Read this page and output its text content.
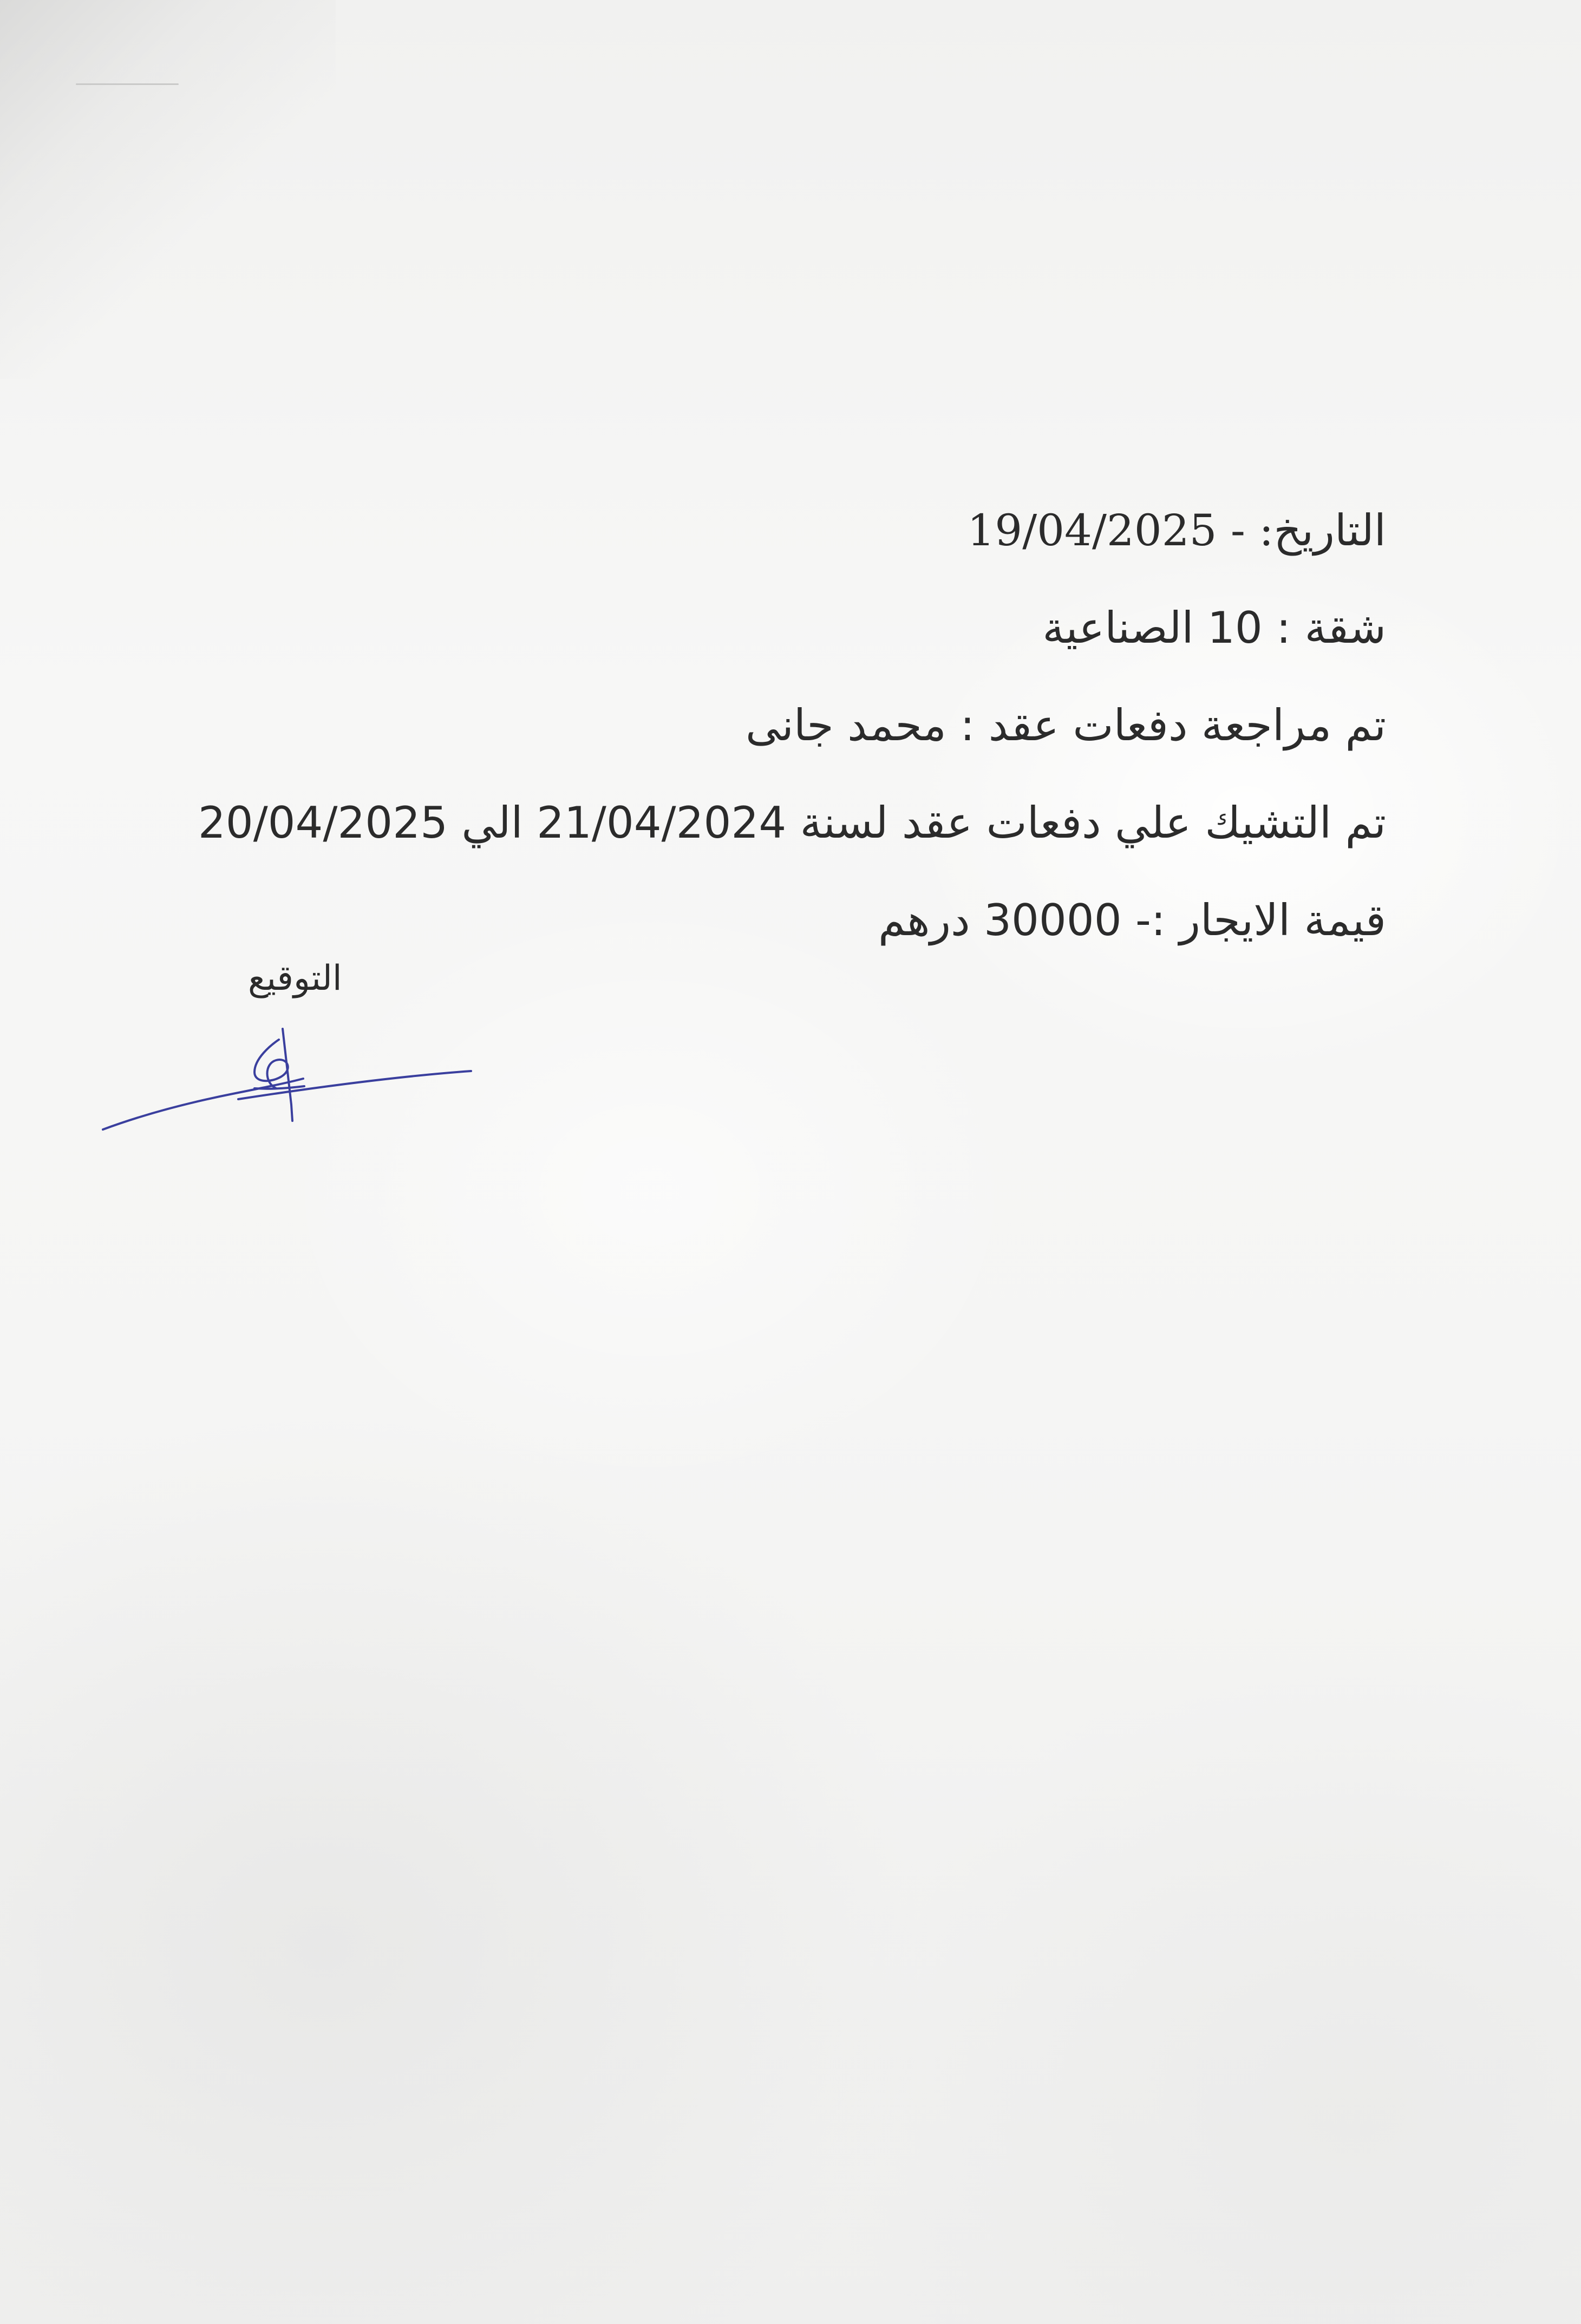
التاريخ: - 19/04/2025
شقة : 10 الصناعية
تم مراجعة دفعات عقد : محمد جانى
تم التشيك علي دفعات عقد لسنة 21/04/2024 الي 20/04/2025
قيمة الايجار :- 30000 درهم
التوقيع
